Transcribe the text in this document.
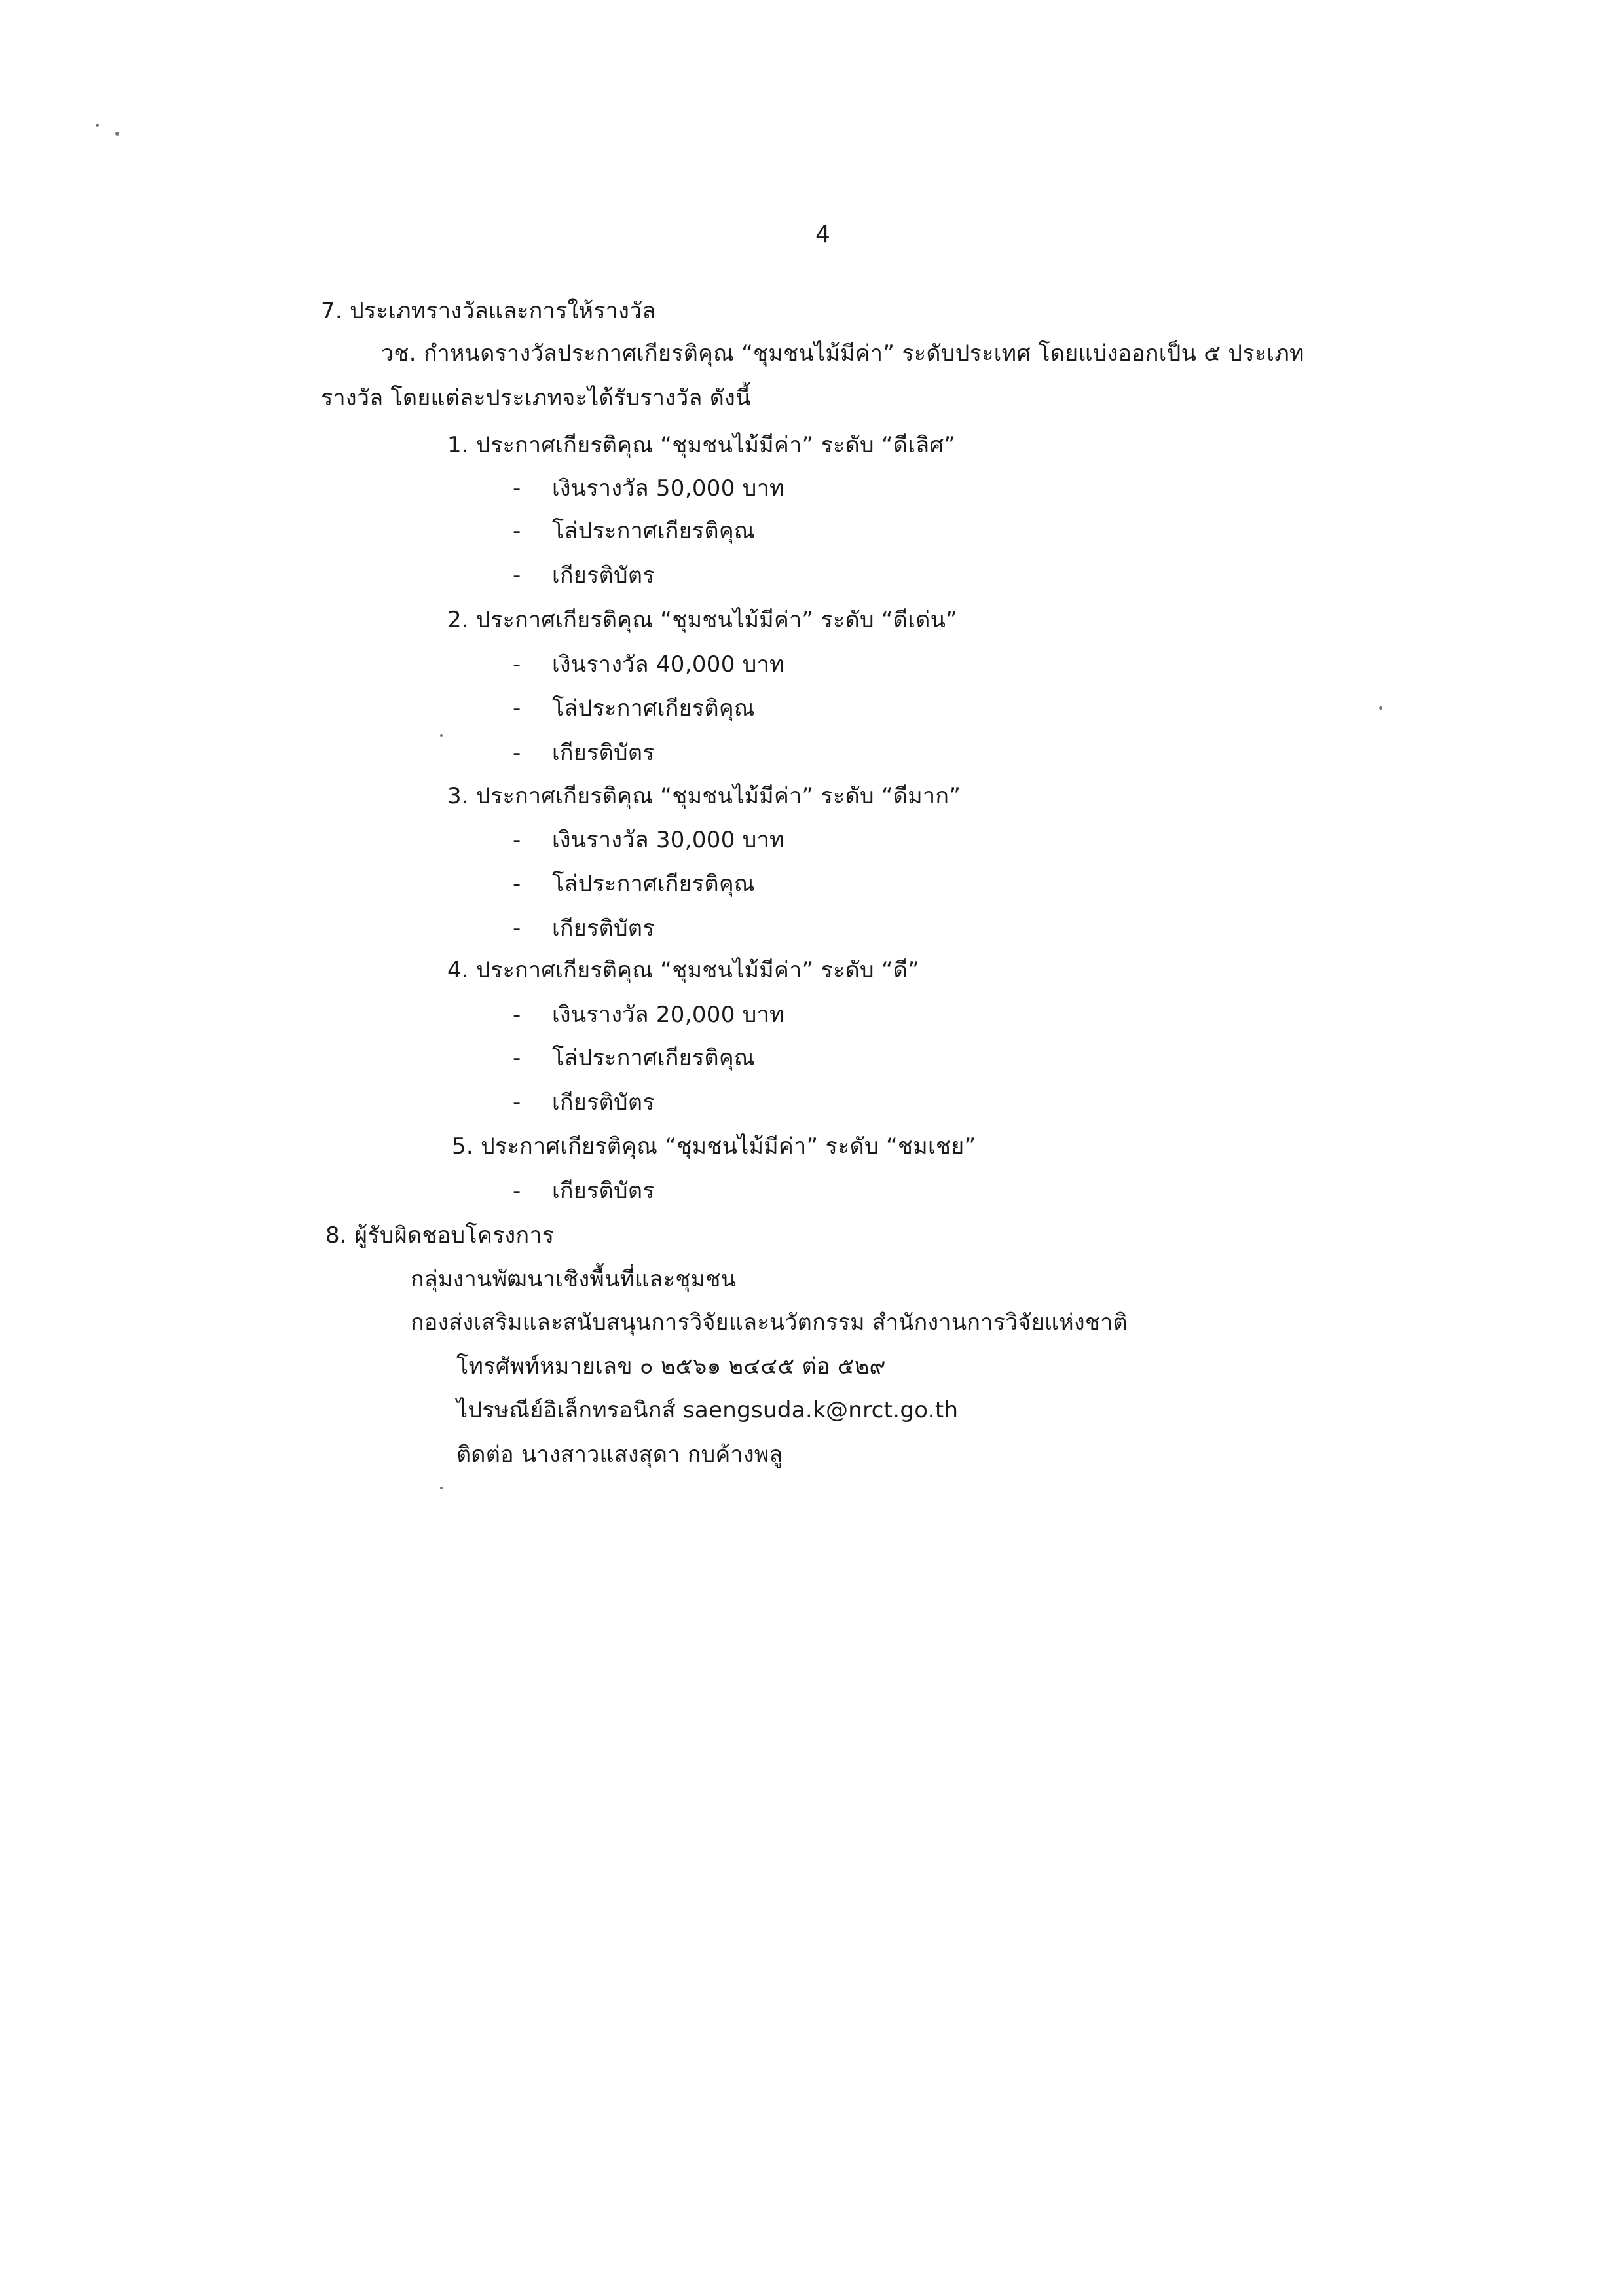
4
7. ประเภทรางวัลและการให้รางวัล
วช. กำหนดรางวัลประกาศเกียรติคุณ “ชุมชนไม้มีค่า” ระดับประเทศ โดยแบ่งออกเป็น ๕ ประเภท
รางวัล โดยแต่ละประเภทจะได้รับรางวัล ดังนี้
1. ประกาศเกียรติคุณ “ชุมชนไม้มีค่า” ระดับ “ดีเลิศ”
- เงินรางวัล 50,000 บาท
- โล่ประกาศเกียรติคุณ
- เกียรติบัตร
2. ประกาศเกียรติคุณ “ชุมชนไม้มีค่า” ระดับ “ดีเด่น”
- เงินรางวัล 40,000 บาท
- โล่ประกาศเกียรติคุณ
- เกียรติบัตร
3. ประกาศเกียรติคุณ “ชุมชนไม้มีค่า” ระดับ “ดีมาก”
- เงินรางวัล 30,000 บาท
- โล่ประกาศเกียรติคุณ
- เกียรติบัตร
4. ประกาศเกียรติคุณ “ชุมชนไม้มีค่า” ระดับ “ดี”
- เงินรางวัล 20,000 บาท
- โล่ประกาศเกียรติคุณ
- เกียรติบัตร
5. ประกาศเกียรติคุณ “ชุมชนไม้มีค่า” ระดับ “ชมเชย”
- เกียรติบัตร
8. ผู้รับผิดชอบโครงการ
กลุ่มงานพัฒนาเชิงพื้นที่และชุมชน
กองส่งเสริมและสนับสนุนการวิจัยและนวัตกรรม สำนักงานการวิจัยแห่งชาติ
โทรศัพท์หมายเลข ๐ ๒๕๖๑ ๒๔๔๕ ต่อ ๕๒๙
ไปรษณีย์อิเล็กทรอนิกส์ saengsuda.k@nrct.go.th
ติดต่อ นางสาวแสงสุดา กบค้างพลู
